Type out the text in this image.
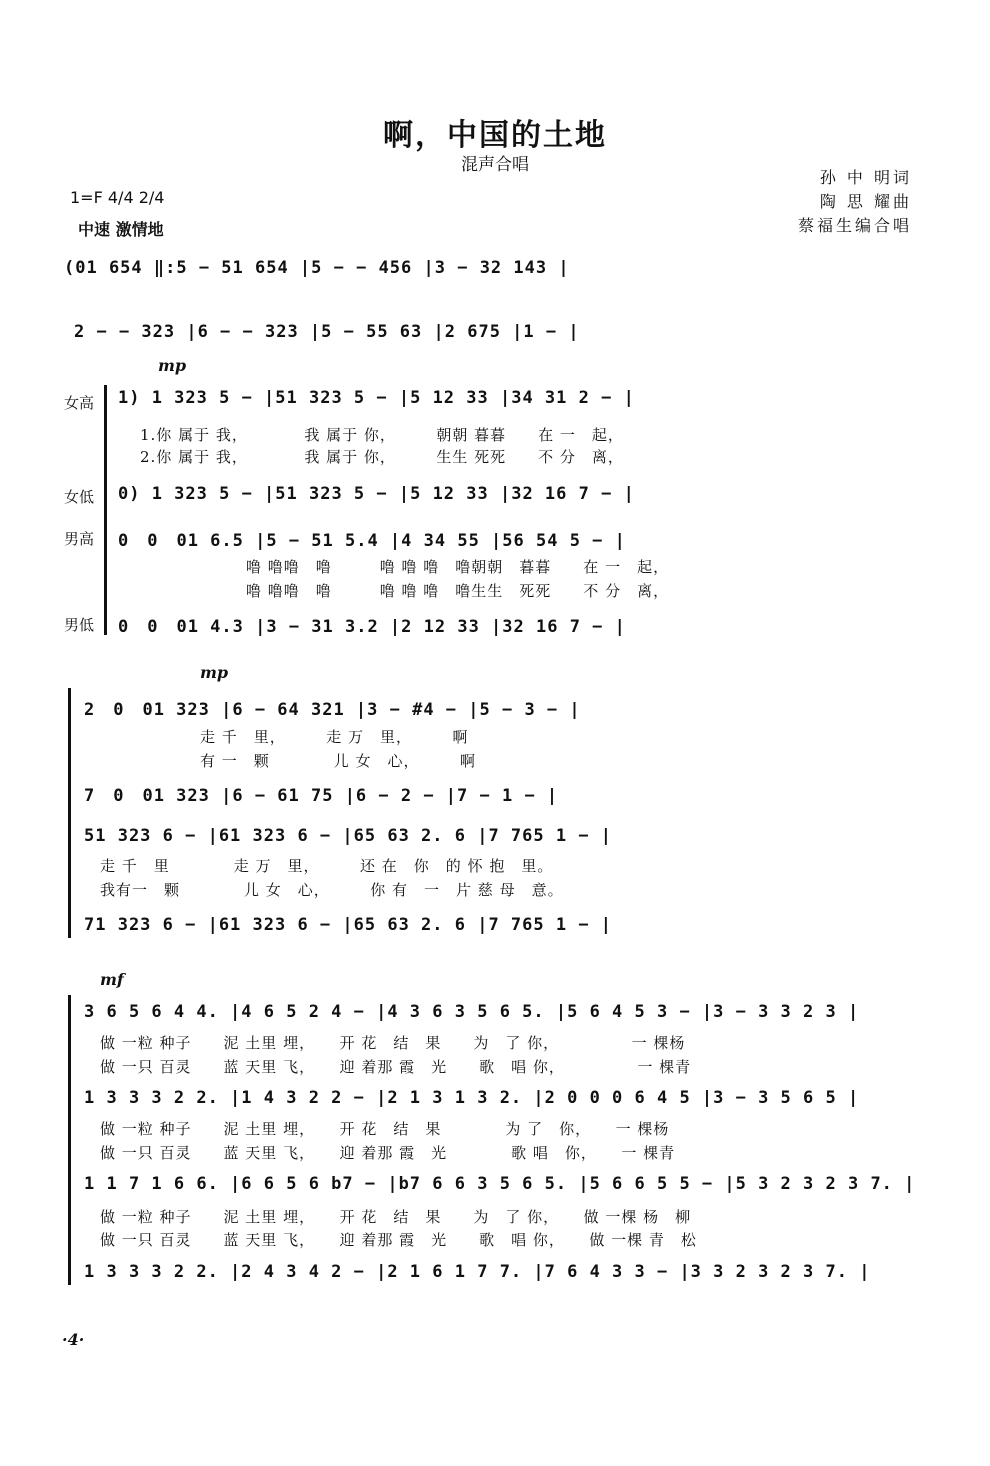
啊，中国的土地
混声合唱
孙 中 明词
陶 思 耀曲
蔡福生编合唱
1=F 4/4 2/4
中速 激情地
(01 654 ‖:5 − 51 654 |5 − − 456 |3 − 32 143 |
2 − − 323 |6 − − 323 |5 − 55 63 |2 675 |1 − |
mp
女高 1) 1 323 5 − |51 323 5 − |5 12 33 |34 31 2 − |
1.你 属于 我，　　　　我 属于 你，　　　朝朝 暮暮　　在 一　起，
2.你 属于 我，　　　　我 属于 你，　　　生生 死死　　不 分　离，
女低 0) 1 323 5 − |51 323 5 − |5 12 33 |32 16 7 − |
男高 0　0　01 6.5 |5 − 51 5.4 |4 34 55 |56 54 5 − |
噜 噜噜　噜　　　噜 噜 噜　噜朝朝　暮暮　　在 一　起，
噜 噜噜　噜　　　噜 噜 噜　噜生生　死死　　不 分　离，
男低 0　0　01 4.3 |3 − 31 3.2 |2 12 33 |32 16 7 − |
mp
2　0　01 323 |6 − 64 321 |3 − #4 − |5 − 3 − |
走 千　里，　　　走 万　里，　　　啊
有 一　颗　　　　儿 女　心，　　　啊
7　0　01 323 |6 − 61 75 |6 − 2 − |7 − 1 − |
51 323 6 − |61 323 6 − |65 63 2. 6 |7 765 1 − |
走 千　里　　　　走 万　里，　　　还 在　你　的 怀 抱　里。
我有一　颗　　　　儿 女　心，　　　你 有　一　片 慈 母　意。
71 323 6 − |61 323 6 − |65 63 2. 6 |7 765 1 − |
mf
3 6 5 6 4 4. |4 6 5 2 4 − |4 3 6 3 5 6 5. |5 6 4 5 3 − |3 − 3 3 2 3 |
做 一粒 种子　　泥 土里 埋，　　开 花　结　果　　为　了 你，　　　　　一 棵杨
做 一只 百灵　　蓝 天里 飞，　　迎 着那 霞　光　　歌　唱 你，　　　　　一 棵青
1 3 3 3 2 2. |1 4 3 2 2 − |2 1 3 1 3 2. |2 0 0 0 6 4 5 |3 − 3 5 6 5 |
做 一粒 种子　　泥 土里 埋，　　开 花　结　果　　　　为 了　你，　　一 棵杨
做 一只 百灵　　蓝 天里 飞，　　迎 着那 霞　光　　　　歌 唱　你，　　一 棵青
1 1 7 1 6 6. |6 6 5 6 b7 − |b7 6 6 3 5 6 5. |5 6 6 5 5 − |5 3 2 3 2 3 7. |
做 一粒 种子　　泥 土里 埋，　　开 花　结　果　　为　了 你，　　做 一棵 杨　柳
做 一只 百灵　　蓝 天里 飞，　　迎 着那 霞　光　　歌　唱 你，　　做 一棵 青　松
1 3 3 3 2 2. |2 4 3 4 2 − |2 1 6 1 7 7. |7 6 4 3 3 − |3 3 2 3 2 3 7. |
·4·
